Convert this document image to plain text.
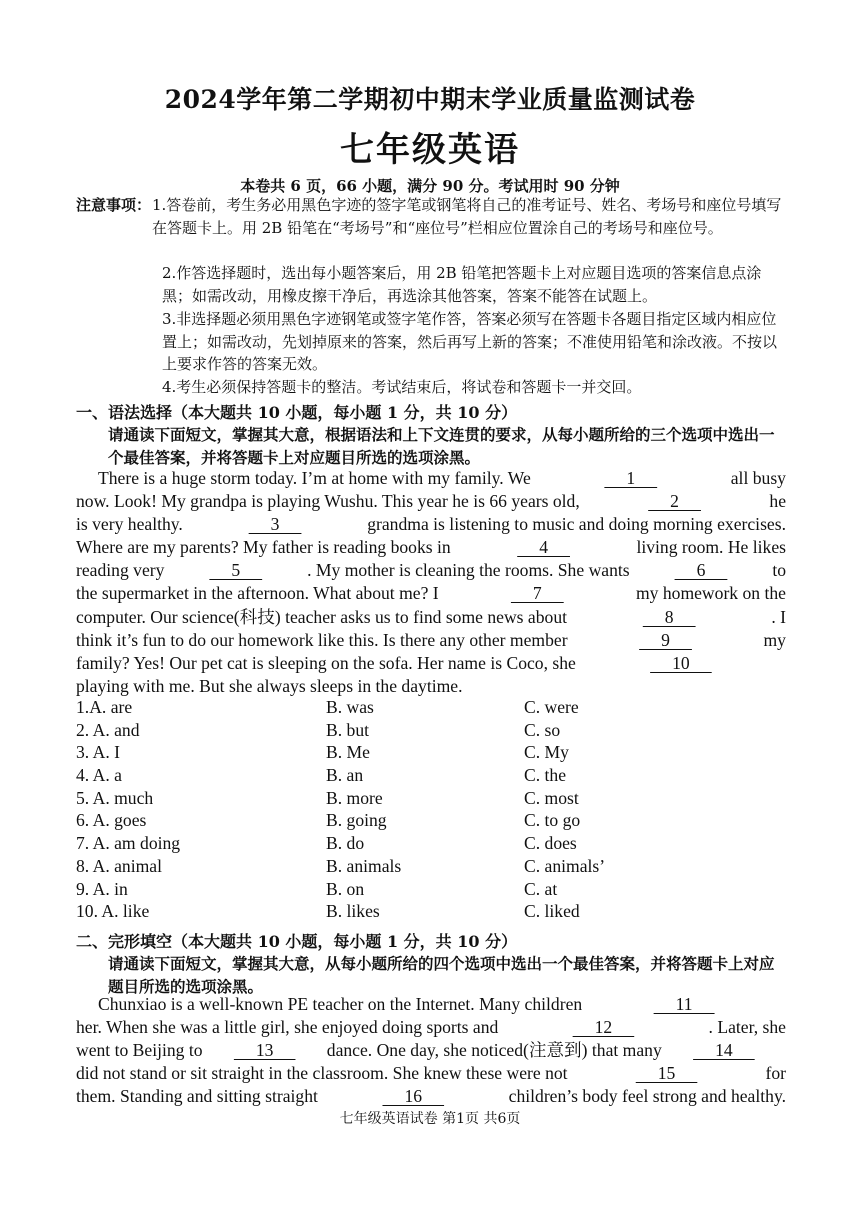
2024学年第二学期初中期末学业质量监测试卷
七年级英语
本卷共 6 页，66 小题，满分 90 分。考试用时 90 分钟
注意事项： 1.答卷前，考生务必用黑色字迹的签字笔或钢笔将自己的准考证号、姓名、考场号和座位号填写在答题卡上。用 2B 铅笔在“考场号”和“座位号”栏相应位置涂自己的考场号和座位号。
2.作答选择题时，选出每小题答案后，用 2B 铅笔把答题卡上对应题目选项的答案信息点涂黑；如需改动，用橡皮擦干净后，再选涂其他答案，答案不能答在试题上。
3.非选择题必须用黑色字迹钢笔或签字笔作答，答案必须写在答题卡各题目指定区域内相应位置上；如需改动，先划掉原来的答案，然后再写上新的答案；不准使用铅笔和涂改液。不按以上要求作答的答案无效。
4.考生必须保持答题卡的整洁。考试结束后，将试卷和答题卡一并交回。
一、语法选择（本大题共 10 小题，每小题 1 分，共 10 分）
请通读下面短文，掌握其大意，根据语法和上下文连贯的要求，从每小题所给的三个选项中选出一个最佳答案，并将答题卡上对应题目所选的选项涂黑。
There is a huge storm today. I’m at home with my family. We	1	all busy
now. Look! My grandpa is playing Wushu. This year he is 66 years old,	2	he
is very healthy.	3	grandma is listening to music and doing morning exercises.
Where are my parents? My father is reading books in	4	living room. He likes
reading very	5	. My mother is cleaning the rooms. She wants	6	to
the supermarket in the afternoon. What about me? I	7	my homework on the
computer. Our science(科技) teacher asks us to find some news about	8	. I
think it’s fun to do our homework like this. Is there any other member	9	my
family? Yes! Our pet cat is sleeping on the sofa. Her name is Coco, she	10
playing with me. But she always sleeps in the daytime.
1.A. are	B. was	C. were
2. A. and	B. but	C. so
3. A. I	B. Me	C. My
4. A. a	B. an	C. the
5. A. much	B. more	C. most
6. A. goes	B. going	C. to go
7. A. am doing	B. do	C. does
8. A. animal	B. animals	C. animals’
9. A. in	B. on	C. at
10. A. like	B. likes	C. liked
二、完形填空（本大题共 10 小题，每小题 1 分，共 10 分）
请通读下面短文，掌握其大意，从每小题所给的四个选项中选出一个最佳答案，并将答题卡上对应题目所选的选项涂黑。
Chunxiao is a well-known PE teacher on the Internet. Many children	11
her. When she was a little girl, she enjoyed doing sports and	12	. Later, she
went to Beijing to 13 dance. One day, she noticed(注意到) that many 14
did not stand or sit straight in the classroom. She knew these were not	15	for
them. Standing and sitting straight	16	children’s body feel strong and healthy.
七年级英语试卷 第1页 共6页
